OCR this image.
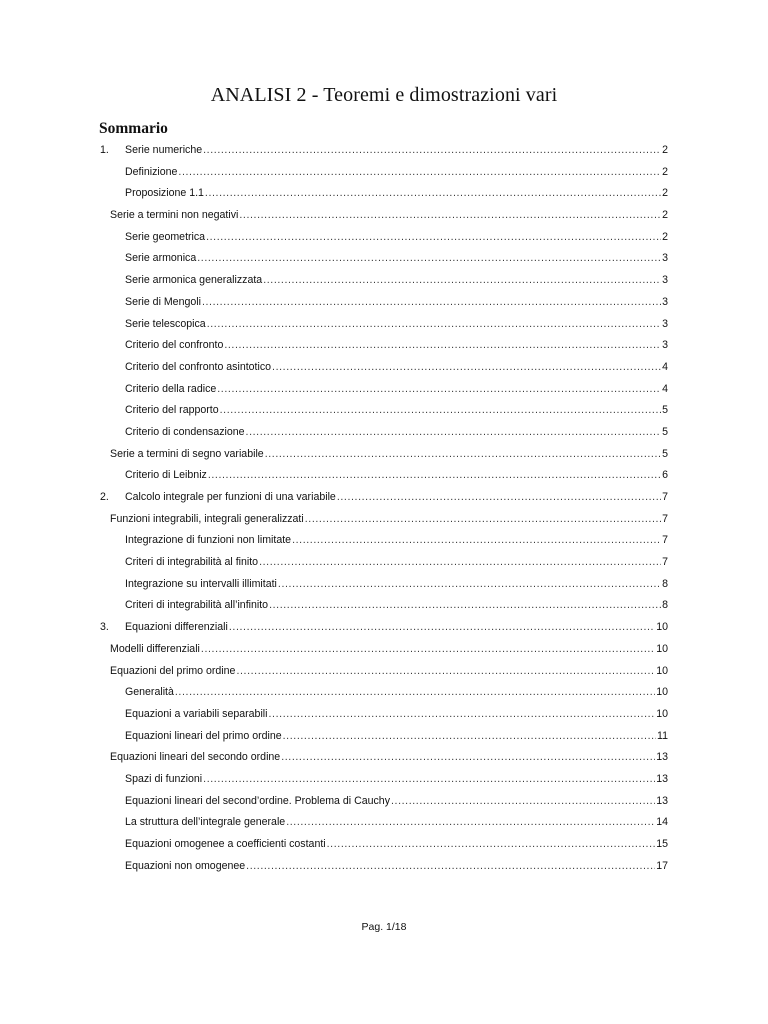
ANALISI 2 - Teoremi e dimostrazioni vari
Sommario
1.	Serie numeriche .....	2
Definizione .....	2
Proposizione 1.1 .....	2
Serie a termini non negativi .....	2
Serie geometrica .....	2
Serie armonica .....	3
Serie armonica generalizzata .....	3
Serie di Mengoli .....	3
Serie telescopica .....	3
Criterio del confronto .....	3
Criterio del confronto asintotico .....	4
Criterio della radice .....	4
Criterio del rapporto .....	5
Criterio di condensazione .....	5
Serie a termini di segno variabile .....	5
Criterio di Leibniz .....	6
2.	Calcolo integrale per funzioni di una variabile .....	7
Funzioni integrabili, integrali generalizzati .....	7
Integrazione di funzioni non limitate .....	7
Criteri di integrabilità al finito .....	7
Integrazione su intervalli illimitati .....	8
Criteri di integrabilità all’infinito .....	8
3.	Equazioni differenziali .....	10
Modelli differenziali .....	10
Equazioni del primo ordine .....	10
Generalità .....	10
Equazioni a variabili separabili .....	10
Equazioni lineari del primo ordine .....	11
Equazioni lineari del secondo ordine .....	13
Spazi di funzioni .....	13
Equazioni lineari del second’ordine. Problema di Cauchy .....	13
La struttura dell’integrale generale .....	14
Equazioni omogenee a coefficienti costanti .....	15
Equazioni non omogenee .....	17
Pag. 1/18
